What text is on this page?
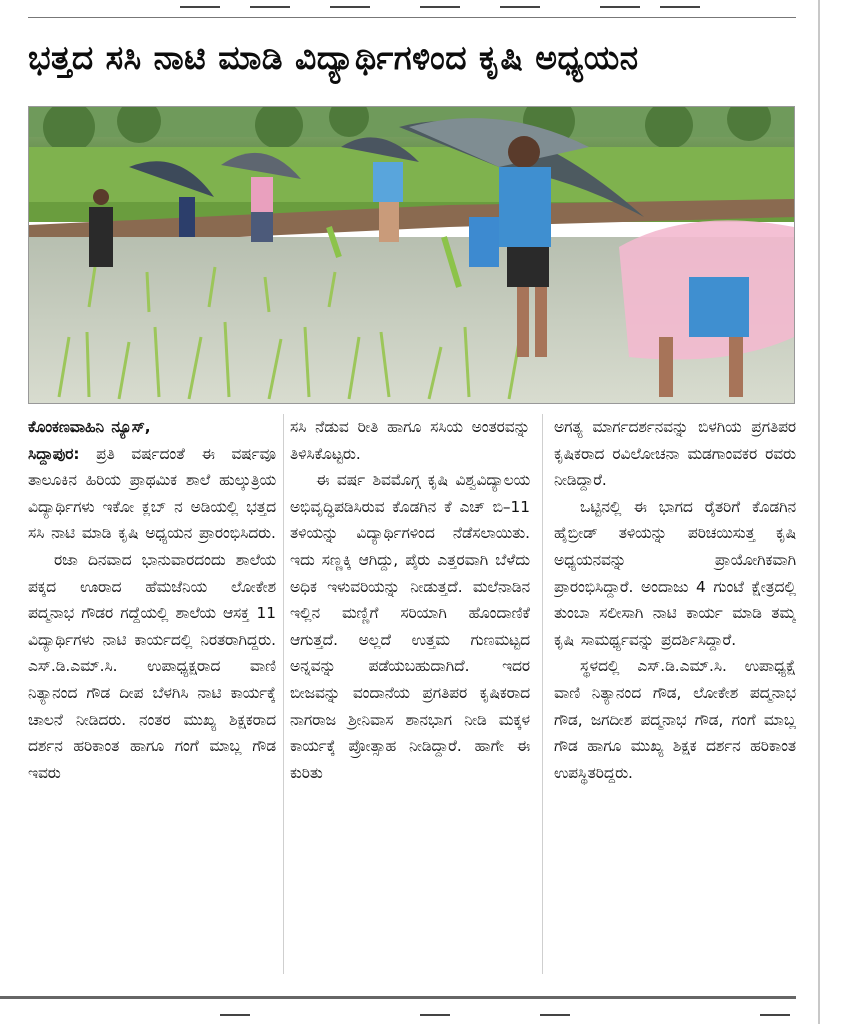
ಭತ್ತದ ಸಸಿ ನಾಟಿ ಮಾಡಿ ವಿದ್ಯಾರ್ಥಿಗಳಿಂದ ಕೃಷಿ ಅಧ್ಯಯನ
ಕೊಂಕಣವಾಹಿನಿ ನ್ಯೂಸ್,

ಸಿದ್ದಾಪುರ: ಪ್ರತಿ ವರ್ಷದಂತೆ ಈ ವರ್ಷವೂ ತಾಲೂಕಿನ ಹಿರಿಯ ಪ್ರಾಥಮಿಕ ಶಾಲೆ ಹುಲ್ಕುತ್ರಿಯ ವಿದ್ಯಾರ್ಥಿಗಳು ಇಕೋ ಕ್ಲಬ್ ನ ಅಡಿಯಲ್ಲಿ ಭತ್ತದ ಸಸಿ ನಾಟಿ ಮಾಡಿ ಕೃಷಿ ಅಧ್ಯಯನ ಪ್ರಾರಂಭಿಸಿದರು.

ರಜಾ ದಿನವಾದ ಭಾನುವಾರದಂದು ಶಾಲೆಯ ಪಕ್ಕದ ಊರಾದ ಹೆಮಜೆನಿಯ ಲೋಕೇಶ ಪದ್ಮನಾಭ ಗೌಡರ ಗದ್ದೆಯಲ್ಲಿ ಶಾಲೆಯ ಆಸಕ್ತ 11 ವಿದ್ಯಾರ್ಥಿಗಳು ನಾಟಿ ಕಾರ್ಯದಲ್ಲಿ ನಿರತರಾಗಿದ್ದರು. ಎಸ್.ಡಿ.ಎಮ್.ಸಿ. ಉಪಾಧ್ಯಕ್ಷರಾದ ವಾಣಿ ನಿತ್ಯಾನಂದ ಗೌಡ ದೀಪ ಬೆಳಗಿಸಿ ನಾಟಿ ಕಾರ್ಯಕ್ಕೆ ಚಾಲನೆ ನೀಡಿದರು. ನಂತರ ಮುಖ್ಯ ಶಿಕ್ಷಕರಾದ ದರ್ಶನ ಹರಿಕಾಂತ ಹಾಗೂ ಗಂಗೆ ಮಾಬ್ಲ ಗೌಡ ಇವರು

ಸಸಿ ನೆಡುವ ರೀತಿ ಹಾಗೂ ಸಸಿಯ ಅಂತರವನ್ನು ತಿಳಿಸಿಕೊಟ್ಟರು.

ಈ ವರ್ಷ ಶಿವಮೊಗ್ಗ ಕೃಷಿ ವಿಶ್ವವಿದ್ಯಾಲಯ ಅಭಿವೃದ್ಧಿಪಡಿಸಿರುವ ಕೊಡಗಿನ ಕೆ ಎಚ್ ಬಿ–11 ತಳಿಯನ್ನು ವಿದ್ಯಾರ್ಥಿಗಳಿಂದ ನೆಡೆಸಲಾಯಿತು. ಇದು ಸಣ್ಣಕ್ಕಿ ಆಗಿದ್ದು, ಪೈರು ಎತ್ತರವಾಗಿ ಬೆಳೆದು ಅಧಿಕ ಇಳುವರಿಯನ್ನು ನೀಡುತ್ತದೆ. ಮಲೆನಾಡಿನ ಇಲ್ಲಿನ ಮಣ್ಣಿಗೆ ಸರಿಯಾಗಿ ಹೊಂದಾಣಿಕೆ ಆಗುತ್ತದೆ. ಅಲ್ಲದೆ ಉತ್ತಮ ಗುಣಮಟ್ಟದ ಅನ್ನವನ್ನು ಪಡೆಯಬಹುದಾಗಿದೆ. ಇದರ ಬೀಜವನ್ನು ವಂದಾನೆಯ ಪ್ರಗತಿಪರ ಕೃಷಿಕರಾದ ನಾಗರಾಜ ಶ್ರೀನಿವಾಸ ಶಾನಭಾಗ ನೀಡಿ ಮಕ್ಕಳ ಕಾರ್ಯಕ್ಕೆ ಪ್ರೋತ್ಸಾಹ ನೀಡಿದ್ದಾರೆ. ಹಾಗೇ ಈ ಕುರಿತು

ಅಗತ್ಯ ಮಾರ್ಗದರ್ಶನವನ್ನು ಬಿಳಗಿಯ ಪ್ರಗತಿಪರ ಕೃಷಿಕರಾದ ರವಿಲೋಚನಾ ಮಡಗಾಂವಕರ ರವರು ನೀಡಿದ್ದಾರೆ.

ಒಟ್ಟಿನಲ್ಲಿ ಈ ಭಾಗದ ರೈತರಿಗೆ ಕೊಡಗಿನ ಹೈಬ್ರೀಡ್ ತಳಿಯನ್ನು ಪರಿಚಯಿಸುತ್ತ ಕೃಷಿ ಅಧ್ಯಯನವನ್ನು ಪ್ರಾಯೋಗಿಕವಾಗಿ ಪ್ರಾರಂಭಿಸಿದ್ದಾರೆ. ಅಂದಾಜು 4 ಗುಂಟೆ ಕ್ಷೇತ್ರದಲ್ಲಿ ತುಂಬಾ ಸಲೀಸಾಗಿ ನಾಟಿ ಕಾರ್ಯ ಮಾಡಿ ತಮ್ಮ ಕೃಷಿ ಸಾಮರ್ಥ್ಯವನ್ನು ಪ್ರದರ್ಶಿಸಿದ್ದಾರೆ.

ಸ್ಥಳದಲ್ಲಿ ಎಸ್.ಡಿ.ಎಮ್.ಸಿ. ಉಪಾಧ್ಯಕ್ಷೆ ವಾಣಿ ನಿತ್ಯಾನಂದ ಗೌಡ, ಲೋಕೇಶ ಪದ್ಮನಾಭ ಗೌಡ, ಜಗದೀಶ ಪದ್ಮನಾಭ ಗೌಡ, ಗಂಗೆ ಮಾಬ್ಲ ಗೌಡ ಹಾಗೂ ಮುಖ್ಯ ಶಿಕ್ಷಕ ದರ್ಶನ ಹರಿಕಾಂತ ಉಪಸ್ಥಿತರಿದ್ದರು.
